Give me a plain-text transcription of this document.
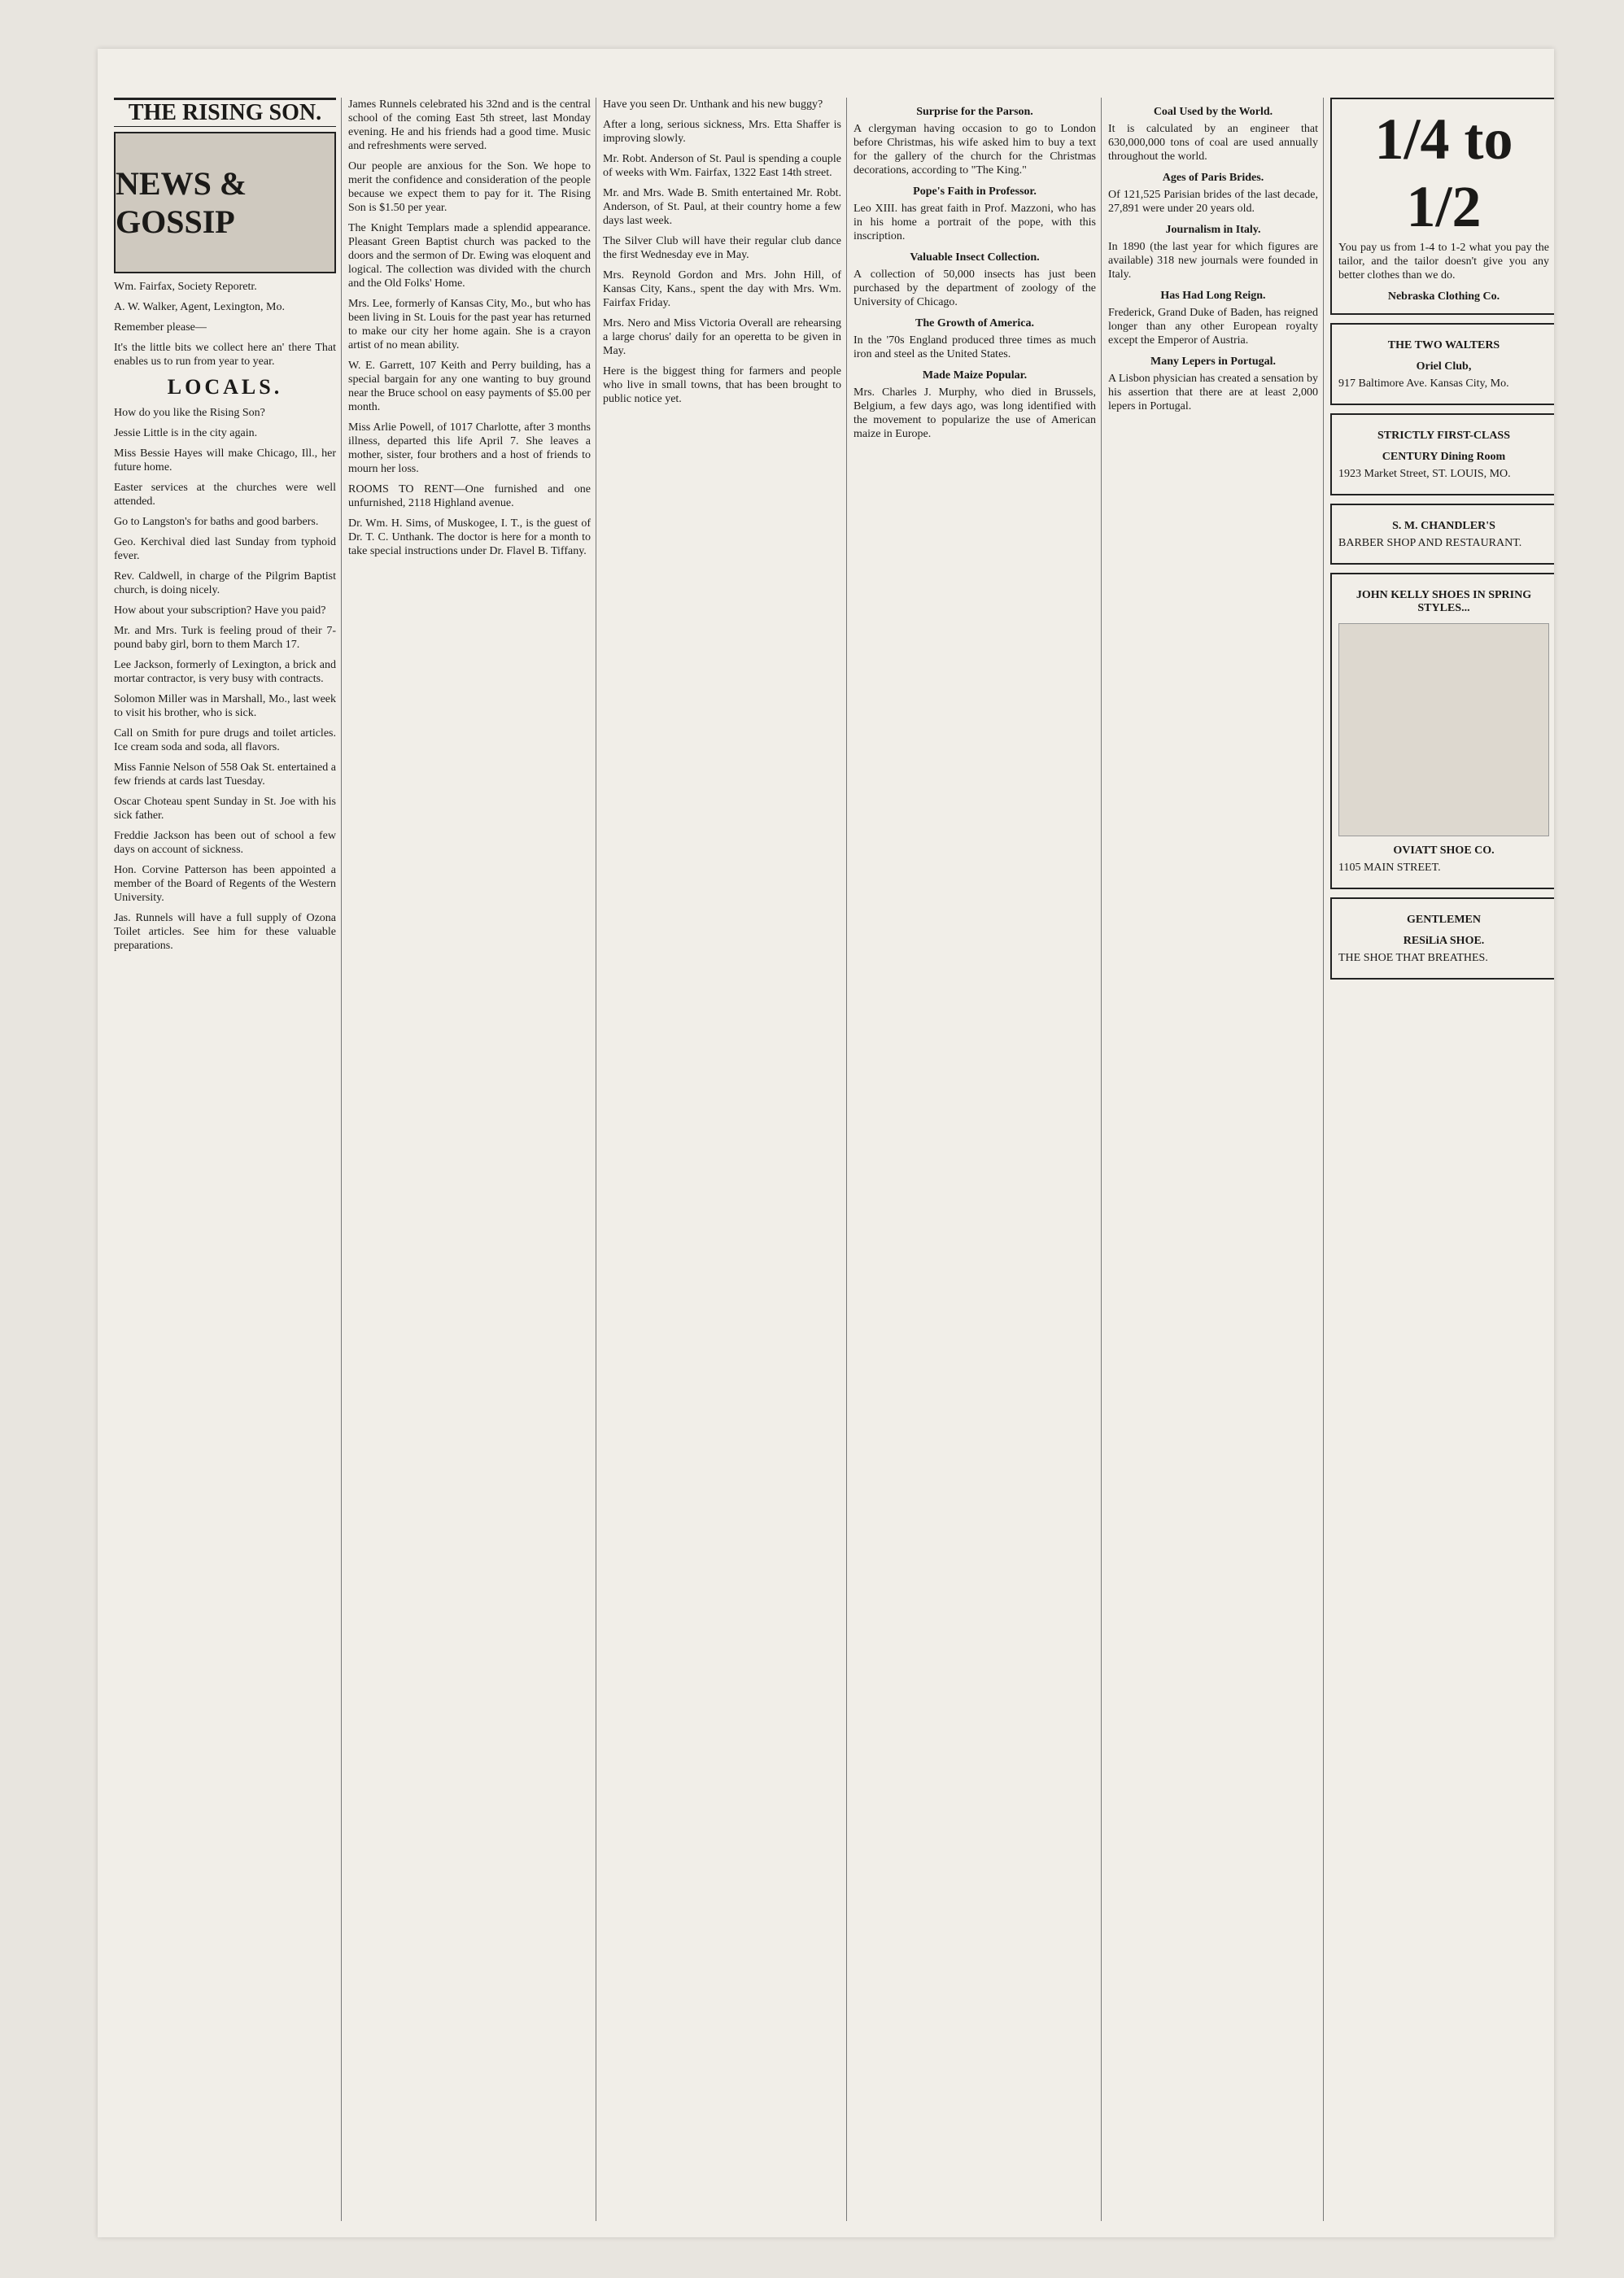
THE RISING SON.
NEWS & GOSSIP

Wm. Fairfax, Society Reporetr.

A. W. Walker, Agent, Lexington, Mo.

Remember please—

It's the little bits we collect here an' there That enables us to run from year to year.

LOCALS.

How do you like the Rising Son?

Jessie Little is in the city again.

Miss Bessie Hayes will make Chicago, Ill., her future home.

Easter services at the churches were well attended.

Go to Langston's for baths and good barbers.

Geo. Kerchival died last Sunday from typhoid fever.

Rev. Caldwell, in charge of the Pilgrim Baptist church, is doing nicely.

How about your subscription? Have you paid?

Mr. and Mrs. Turk is feeling proud of their 7-pound baby girl, born to them March 17.

Lee Jackson, formerly of Lexington, a brick and mortar contractor, is very busy with contracts.

Solomon Miller was in Marshall, Mo., last week to visit his brother, who is sick.

Call on Smith for pure drugs and toilet articles. Ice cream soda and soda, all flavors.

Miss Fannie Nelson of 558 Oak St. entertained a few friends at cards last Tuesday.

Oscar Choteau spent Sunday in St. Joe with his sick father.

Freddie Jackson has been out of school a few days on account of sickness.

Hon. Corvine Patterson has been appointed a member of the Board of Regents of the Western University.

Jas. Runnels will have a full supply of Ozona Toilet articles. See him for these valuable preparations.

James Runnels celebrated his 32nd and is the central school of the coming East 5th street, last Monday evening. He and his friends had a good time. Music and refreshments were served.

Our people are anxious for the Son. We hope to merit the confidence and consideration of the people because we expect them to pay for it. The Rising Son is $1.50 per year.

The Knight Templars made a splendid appearance. Pleasant Green Baptist church was packed to the doors and the sermon of Dr. Ewing was eloquent and logical. The collection was divided with the church and the Old Folks' Home.

Mrs. Lee, formerly of Kansas City, Mo., but who has been living in St. Louis for the past year has returned to make our city her home again. She is a crayon artist of no mean ability.

W. E. Garrett, 107 Keith and Perry building, has a special bargain for any one wanting to buy ground near the Bruce school on easy payments of $5.00 per month.

Miss Arlie Powell, of 1017 Charlotte, after 3 months illness, departed this life April 7. She leaves a mother, sister, four brothers and a host of friends to mourn her loss.

ROOMS TO RENT—One furnished and one unfurnished, 2118 Highland avenue.

Dr. Wm. H. Sims, of Muskogee, I. T., is the guest of Dr. T. C. Unthank. The doctor is here for a month to take special instructions under Dr. Flavel B. Tiffany.

Have you seen Dr. Unthank and his new buggy?

After a long, serious sickness, Mrs. Etta Shaffer is improving slowly.

Mr. Robt. Anderson of St. Paul is spending a couple of weeks with Wm. Fairfax, 1322 East 14th street.

Mr. and Mrs. Wade B. Smith entertained Mr. Robt. Anderson, of St. Paul, at their country home a few days last week.

The Silver Club will have their regular club dance the first Wednesday eve in May.

Mrs. Reynold Gordon and Mrs. John Hill, of Kansas City, Kans., spent the day with Mrs. Wm. Fairfax Friday.

Mrs. Nero and Miss Victoria Overall are rehearsing a large chorus' daily for an operetta to be given in May.

Here is the biggest thing for farmers and people who live in small towns, that has been brought to public notice yet.

Surprise for the Parson.

A clergyman having occasion to go to London before Christmas, his wife asked him to buy a text for the gallery of the church for the Christmas decorations, according to "The King."

Pope's Faith in Professor.

Leo XIII. has great faith in Prof. Mazzoni, who has in his home a portrait of the pope, with this inscription.

Valuable Insect Collection.

A collection of 50,000 insects has just been purchased by the department of zoology of the University of Chicago.

The Growth of America.

In the '70s England produced three times as much iron and steel as the United States.

Made Maize Popular.

Mrs. Charles J. Murphy, who died in Brussels, Belgium, a few days ago, was long identified with the movement to popularize the use of American maize in Europe.

Coal Used by the World.

It is calculated by an engineer that 630,000,000 tons of coal are used annually throughout the world.

Ages of Paris Brides.

Of 121,525 Parisian brides of the last decade, 27,891 were under 20 years old.

Journalism in Italy.

In 1890 (the last year for which figures are available) 318 new journals were founded in Italy.

Has Had Long Reign.

Frederick, Grand Duke of Baden, has reigned longer than any other European royalty except the Emperor of Austria.

Many Lepers in Portugal.

A Lisbon physician has created a sensation by his assertion that there are at least 2,000 lepers in Portugal.

1/4 to 1/2

You pay us from 1-4 to 1-2 what you pay the tailor, and the tailor doesn't give you any better clothes than we do.

Nebraska Clothing Co.
THE TWO WALTERS
Oriel Club,

917 Baltimore Ave. Kansas City, Mo.

STRICTLY FIRST-CLASS
CENTURY Dining Room

1923 Market Street, ST. LOUIS, MO.

S. M. CHANDLER'S

BARBER SHOP AND RESTAURANT.

JOHN KELLY SHOES IN SPRING STYLES...
OVIATT SHOE CO.

1105 MAIN STREET.

GENTLEMEN
RESiLiA SHOE.

THE SHOE THAT BREATHES.
